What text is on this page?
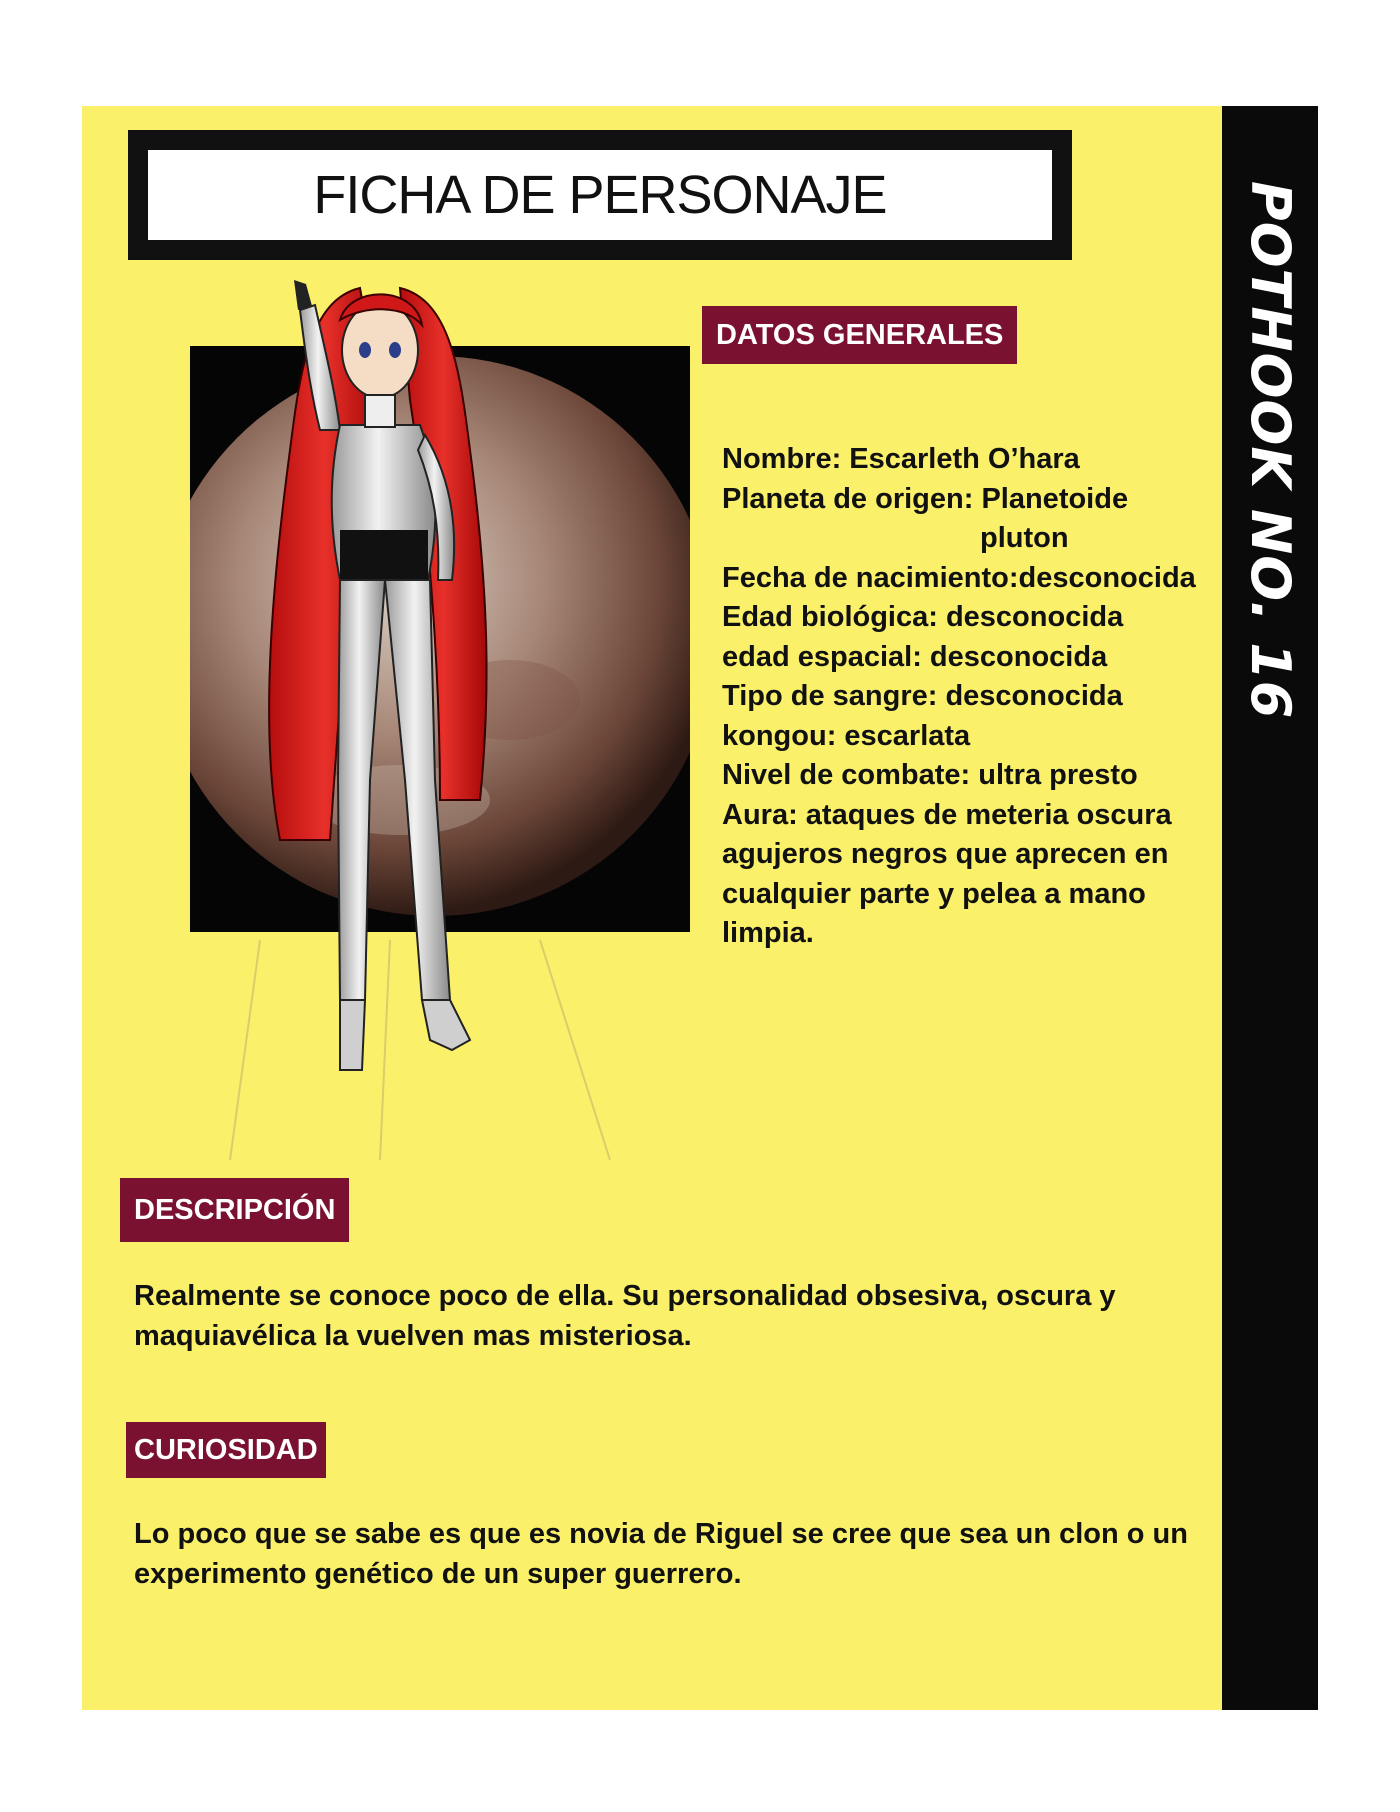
POTHOOK NO. 16
FICHA DE PERSONAJE
DATOS GENERALES
Nombre: Escarleth O’hara
Planeta de origen: Planetoide
pluton
Fecha de nacimiento:desconocida
Edad biológica: desconocida
edad espacial: desconocida
Tipo de sangre: desconocida
kongou: escarlata
Nivel de combate: ultra presto
Aura: ataques de meteria oscura agujeros negros que aprecen en cualquier parte y pelea a mano limpia.
DESCRIPCIÓN
Realmente se conoce poco de ella. Su personalidad obsesiva, oscura y maquiavélica la vuelven mas misteriosa.
CURIOSIDAD
Lo poco que se sabe es que es novia de Riguel se cree que sea un clon o un experimento genético de un super guerrero.
